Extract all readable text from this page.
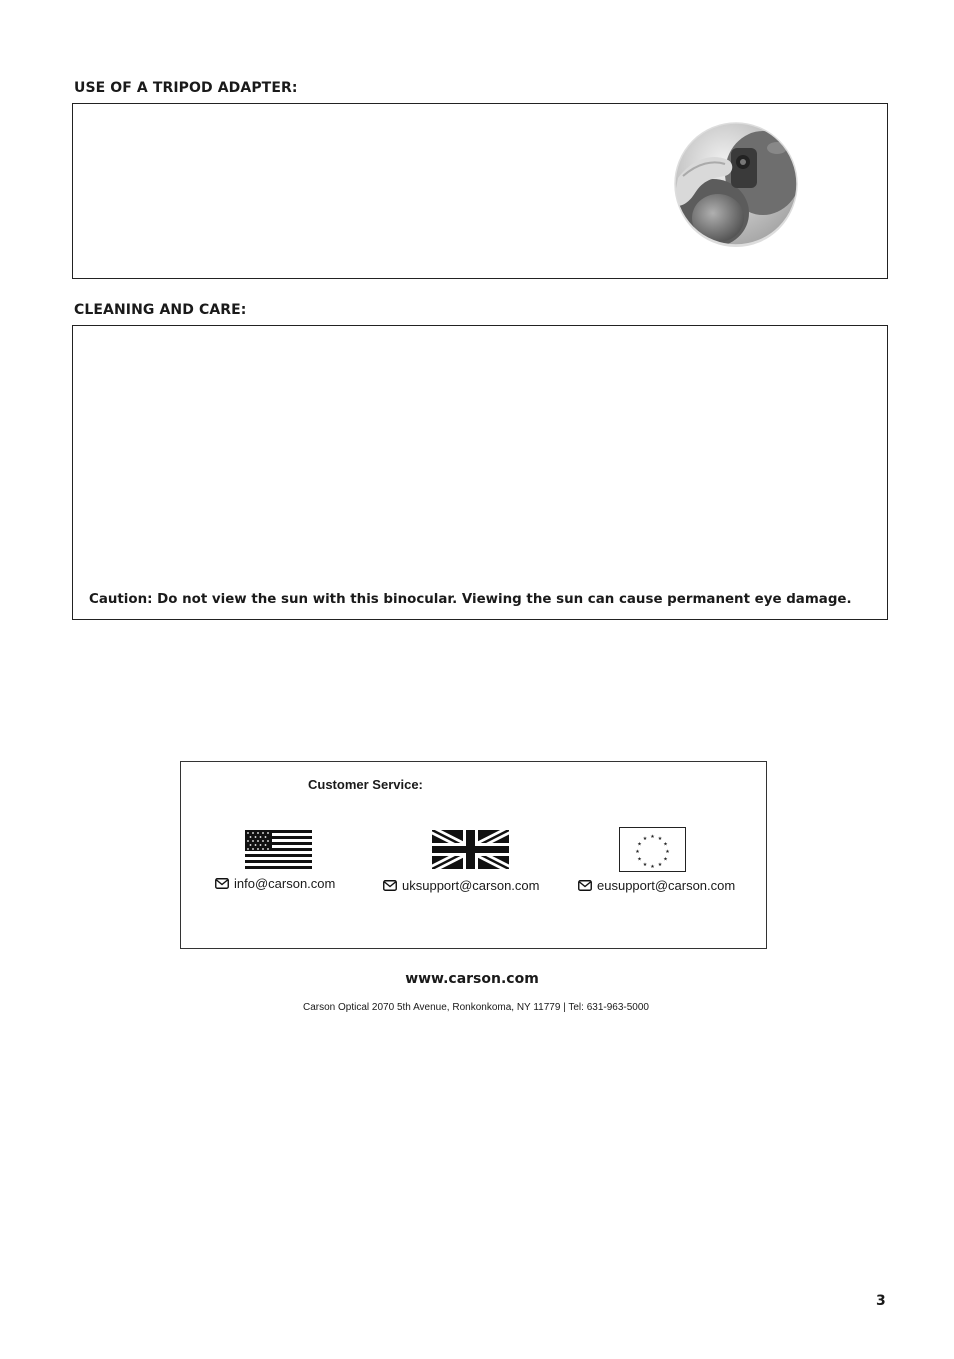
USE OF A TRIPOD ADAPTER:
CLEANING AND CARE:

Caution: Do not view the sun with this binocular. Viewing the sun can cause permanent eye damage.

Customer Service:
★ ★
★
★
★
★
★
★
★
★
★
★
info@carson.com	uksupport@carson.com	eusupport@carson.com
www.carson.com
Carson Optical 2070 5th Avenue, Ronkonkoma, NY 11779 | Tel: 631-963-5000
3
